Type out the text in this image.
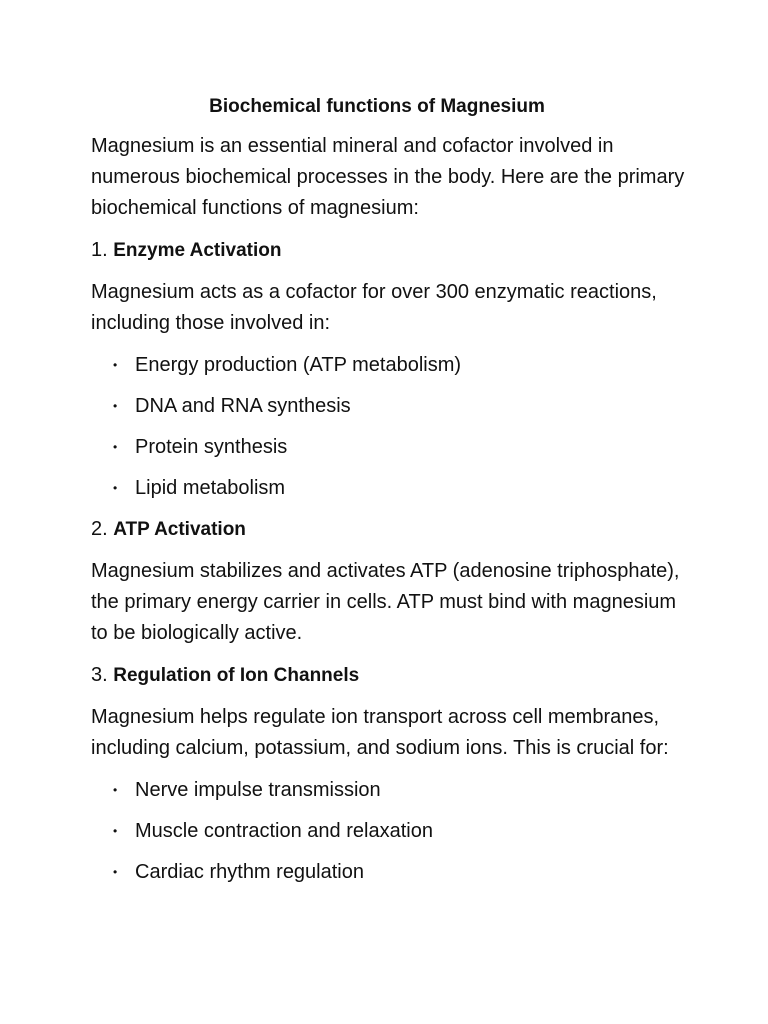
Biochemical functions of Magnesium

Magnesium is an essential mineral and cofactor involved in numerous biochemical processes in the body. Here are the primary biochemical functions of magnesium:

1. Enzyme Activation

Magnesium acts as a cofactor for over 300 enzymatic reactions, including those involved in:

• Energy production (ATP metabolism)
• DNA and RNA synthesis
• Protein synthesis
• Lipid metabolism
2. ATP Activation

Magnesium stabilizes and activates ATP (adenosine triphosphate), the primary energy carrier in cells. ATP must bind with magnesium to be biologically active.

3. Regulation of Ion Channels

Magnesium helps regulate ion transport across cell membranes, including calcium, potassium, and sodium ions. This is crucial for:

• Nerve impulse transmission
• Muscle contraction and relaxation
• Cardiac rhythm regulation
